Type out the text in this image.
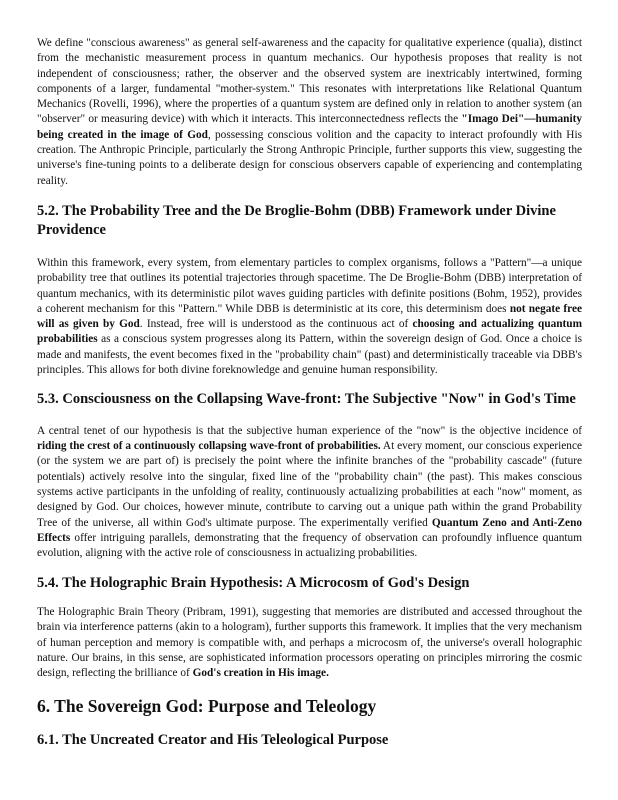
We define "conscious awareness" as general self-awareness and the capacity for qualitative experience (qualia), distinct from the mechanistic measurement process in quantum mechanics. Our hypothesis proposes that reality is not independent of consciousness; rather, the observer and the observed system are inextricably intertwined, forming components of a larger, fundamental "mother-system." This resonates with interpretations like Relational Quantum Mechanics (Rovelli, 1996), where the properties of a quantum system are defined only in relation to another system (an "observer" or measuring device) with which it interacts. This interconnectedness reflects the "Imago Dei"—humanity being created in the image of God, possessing conscious volition and the capacity to interact profoundly with His creation. The Anthropic Principle, particularly the Strong Anthropic Principle, further supports this view, suggesting the universe's fine-tuning points to a deliberate design for conscious observers capable of experiencing and contemplating reality.

5.2. The Probability Tree and the De Broglie-Bohm (DBB) Framework under Divine Providence

Within this framework, every system, from elementary particles to complex organisms, follows a "Pattern"—a unique probability tree that outlines its potential trajectories through spacetime. The De Broglie-Bohm (DBB) interpretation of quantum mechanics, with its deterministic pilot waves guiding particles with definite positions (Bohm, 1952), provides a coherent mechanism for this "Pattern." While DBB is deterministic at its core, this determinism does not negate free will as given by God. Instead, free will is understood as the continuous act of choosing and actualizing quantum probabilities as a conscious system progresses along its Pattern, within the sovereign design of God. Once a choice is made and manifests, the event becomes fixed in the "probability chain" (past) and deterministically traceable via DBB's principles. This allows for both divine foreknowledge and genuine human responsibility.

5.3. Consciousness on the Collapsing Wave-front: The Subjective "Now" in God's Time

A central tenet of our hypothesis is that the subjective human experience of the "now" is the objective incidence of riding the crest of a continuously collapsing wave-front of probabilities. At every moment, our conscious experience (or the system we are part of) is precisely the point where the infinite branches of the "probability cascade" (future potentials) actively resolve into the singular, fixed line of the "probability chain" (the past). This makes conscious systems active participants in the unfolding of reality, continuously actualizing probabilities at each "now" moment, as designed by God. Our choices, however minute, contribute to carving out a unique path within the grand Probability Tree of the universe, all within God's ultimate purpose. The experimentally verified Quantum Zeno and Anti-Zeno Effects offer intriguing parallels, demonstrating that the frequency of observation can profoundly influence quantum evolution, aligning with the active role of consciousness in actualizing probabilities.

5.4. The Holographic Brain Hypothesis: A Microcosm of God's Design

The Holographic Brain Theory (Pribram, 1991), suggesting that memories are distributed and accessed throughout the brain via interference patterns (akin to a hologram), further supports this framework. It implies that the very mechanism of human perception and memory is compatible with, and perhaps a microcosm of, the universe's overall holographic nature. Our brains, in this sense, are sophisticated information processors operating on principles mirroring the cosmic design, reflecting the brilliance of God's creation in His image.

6. The Sovereign God: Purpose and Teleology
6.1. The Uncreated Creator and His Teleological Purpose
